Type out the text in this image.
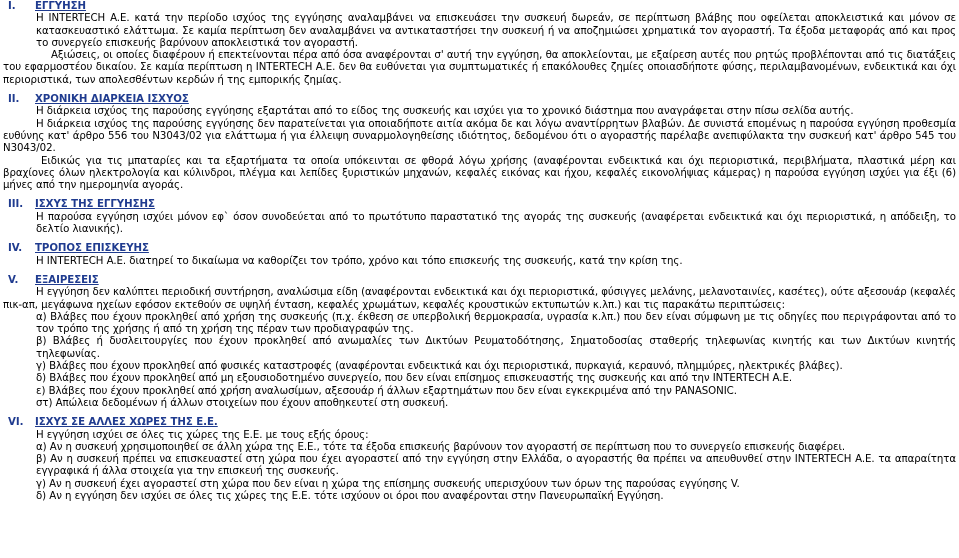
I.	ΕΓΓΥΗΣΗ
Η INTERTECH A.E. κατά την περίοδο ισχύος της εγγύησης αναλαμβάνει να επισκευάσει την συσκευή δωρεάν, σε περίπτωση βλάβης που οφείλεται αποκλειστικά και μόνον σε κατασκευαστικό ελάττωμα. Σε καμία περίπτωση δεν αναλαμβάνει να αντικαταστήσει την συσκευή ή να αποζημιώσει χρηματικά τον αγοραστή. Τα έξοδα μεταφοράς από και προς το συνεργείο επισκευής βαρύνουν αποκλειστικά τον αγοραστή.
Αξιώσεις, οι οποίες διαφέρουν ή επεκτείνονται πέρα από όσα αναφέρονται σ' αυτή την εγγύηση, θα αποκλείονται, με εξαίρεση αυτές που ρητώς προβλέπονται από τις διατάξεις του εφαρμοστέου δικαίου. Σε καμία περίπτωση η INTERTECH A.E. δεν θα ευθύνεται για συμπτωματικές ή επακόλουθες ζημίες οποιασδήποτε φύσης, περιλαμβανομένων, ενδεικτικά και όχι περιοριστικά, των απολεσθέντων κερδών ή της εμπορικής ζημίας.
II.	ΧΡΟΝΙΚΗ ΔΙΑΡΚΕΙΑ ΙΣΧΥΟΣ
Η διάρκεια ισχύος της παρούσης εγγύησης εξαρτάται από το είδος της συσκευής και ισχύει για το χρονικό διάστημα που αναγράφεται στην πίσω σελίδα αυτής.
Η διάρκεια ισχύος της παρούσης εγγύησης δεν παρατείνεται για οποιαδήποτε αιτία ακόμα δε και λόγω αναντίρρητων βλαβών. Δε συνιστά επομένως η παρούσα εγγύηση προθεσμία ευθύνης κατ' άρθρο 556 του Ν3043/02 για ελάττωμα ή για έλλειψη συναρμολογηθείσης ιδιότητος, δεδομένου ότι ο αγοραστής παρέλαβε ανεπιφύλακτα την συσκευή κατ' άρθρο 545 του Ν3043/02.
Ειδικώς για τις μπαταρίες και τα εξαρτήματα τα οποία υπόκεινται σε φθορά λόγω χρήσης (αναφέρονται ενδεικτικά και όχι περιοριστικά, περιβλήματα, πλαστικά μέρη και βραχίονες όλων ηλεκτρολογία και κύλινδροι, πλέγμα και λεπίδες ξυριστικών μηχανών, κεφαλές εικόνας και ήχου, κεφαλές εικονολήψιας κάμερας) η παρούσα εγγύηση ισχύει για έξι (6) μήνες από την ημερομηνία αγοράς.
III.	ΙΣΧΥΣ ΤΗΣ ΕΓΓΥΗΣΗΣ
Η παρούσα εγγύηση ισχύει μόνον εφ` όσον συνοδεύεται από το πρωτότυπο παραστατικό της αγοράς της συσκευής (αναφέρεται ενδεικτικά και όχι περιοριστικά, η απόδειξη, το δελτίο λιανικής).
IV.	ΤΡΟΠΟΣ ΕΠΙΣΚΕΥΗΣ
Η INTERTECH A.E. διατηρεί το δικαίωμα να καθορίζει τον τρόπο, χρόνο και τόπο επισκευής της συσκευής, κατά την κρίση της.
V.	ΕΞΑΙΡΕΣΕΙΣ
Η εγγύηση δεν καλύπτει περιοδική συντήρηση, αναλώσιμα είδη (αναφέρονται ενδεικτικά και όχι περιοριστικά, φύσιγγες μελάνης, μελανοταινίες, κασέτες), ούτε αξεσουάρ (κεφαλές πικ-απ, μεγάφωνα ηχείων εφόσον εκτεθούν σε υψηλή ένταση, κεφαλές χρωμάτων, κεφαλές κρουστικών εκτυπωτών κ.λπ.) και τις παρακάτω περιπτώσεις:
α) Βλάβες που έχουν προκληθεί από χρήση της συσκευής (π.χ. έκθεση σε υπερβολική θερμοκρασία, υγρασία κ.λπ.) που δεν είναι σύμφωνη με τις οδηγίες που περιγράφονται από το τον τρόπο της χρήσης ή από τη χρήση της πέραν των προδιαγραφών της.
β) Βλάβες ή δυσλειτουργίες που έχουν προκληθεί από ανωμαλίες των Δικτύων Ρευματοδότησης, Σηματοδοσίας σταθερής τηλεφωνίας κινητής και των Δικτύων κινητής τηλεφωνίας.
γ) Βλάβες που έχουν προκληθεί από φυσικές καταστροφές (αναφέρονται ενδεικτικά και όχι περιοριστικά, πυρκαγιά, κεραυνό, πλημμύρες, ηλεκτρικές βλάβες).
δ) Βλάβες που έχουν προκληθεί από μη εξουσιοδοτημένο συνεργείο, που δεν είναι επίσημος επισκευαστής της συσκευής και από την INTERTECH A.E.
ε) Βλάβες που έχουν προκληθεί από χρήση αναλωσίμων, αξεσουάρ ή άλλων εξαρτημάτων που δεν είναι εγκεκριμένα από την PANASONIC.
στ) Απώλεια δεδομένων ή άλλων στοιχείων που έχουν αποθηκευτεί στη συσκευή.
VI.	ΙΣΧΥΣ ΣΕ ΑΛΛΕΣ ΧΩΡΕΣ ΤΗΣ Ε.Ε.
Η εγγύηση ισχύει σε όλες τις χώρες της Ε.Ε. με τους εξής όρους:
α) Αν η συσκευή χρησιμοποιηθεί σε άλλη χώρα της Ε.Ε., τότε τα έξοδα επισκευής βαρύνουν τον αγοραστή σε περίπτωση που το συνεργείο επισκευής διαφέρει.
β) Αν η συσκευή πρέπει να επισκευαστεί στη χώρα που έχει αγοραστεί από την εγγύηση στην Ελλάδα, ο αγοραστής θα πρέπει να απευθυνθεί στην INTERTECH A.E. τα απαραίτητα εγγραφικά ή άλλα στοιχεία για την επισκευή της συσκευής.
γ) Αν η συσκευή έχει αγοραστεί στη χώρα που δεν είναι η χώρα της επίσημης συσκευής υπερισχύουν των όρων της παρούσας εγγύησης V.
δ) Αν η εγγύηση δεν ισχύει σε όλες τις χώρες της Ε.Ε. τότε ισχύουν οι όροι που αναφέρονται στην Πανευρωπαϊκή Εγγύηση.
